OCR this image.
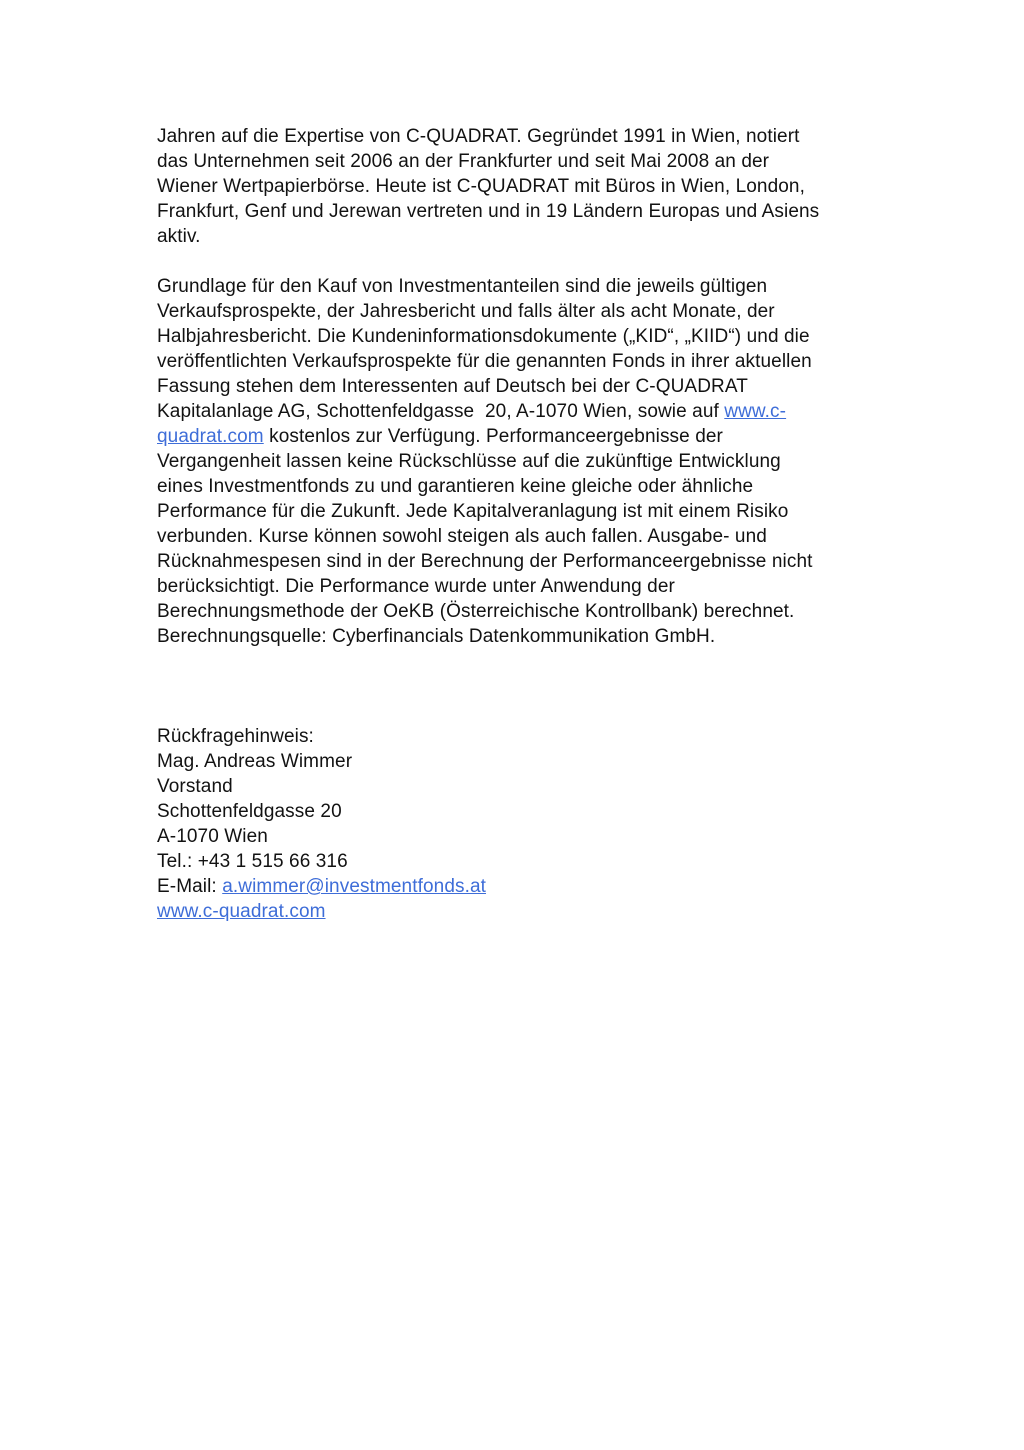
Jahren auf die Expertise von C-QUADRAT. Gegründet 1991 in Wien, notiert
das Unternehmen seit 2006 an der Frankfurter und seit Mai 2008 an der
Wiener Wertpapierbörse. Heute ist C-QUADRAT mit Büros in Wien, London,
Frankfurt, Genf und Jerewan vertreten und in 19 Ländern Europas und Asiens
aktiv.

Grundlage für den Kauf von Investmentanteilen sind die jeweils gültigen
Verkaufsprospekte, der Jahresbericht und falls älter als acht Monate, der
Halbjahresbericht. Die Kundeninformationsdokumente („KID“, „KIID“) und die
veröffentlichten Verkaufsprospekte für die genannten Fonds in ihrer aktuellen
Fassung stehen dem Interessenten auf Deutsch bei der C-QUADRAT
Kapitalanlage AG, Schottenfeldgasse  20, A-1070 Wien, sowie auf www.c-
quadrat.com kostenlos zur Verfügung. Performanceergebnisse der
Vergangenheit lassen keine Rückschlüsse auf die zukünftige Entwicklung
eines Investmentfonds zu und garantieren keine gleiche oder ähnliche
Performance für die Zukunft. Jede Kapitalveranlagung ist mit einem Risiko
verbunden. Kurse können sowohl steigen als auch fallen. Ausgabe- und
Rücknahmespesen sind in der Berechnung der Performanceergebnisse nicht
berücksichtigt. Die Performance wurde unter Anwendung der
Berechnungsmethode der OeKB (Österreichische Kontrollbank) berechnet.
Berechnungsquelle: Cyberfinancials Datenkommunikation GmbH.

Rückfragehinweis:
Mag. Andreas Wimmer
Vorstand
Schottenfeldgasse 20
A-1070 Wien
Tel.: +43 1 515 66 316
E-Mail: a.wimmer@investmentfonds.at
www.c-quadrat.com
